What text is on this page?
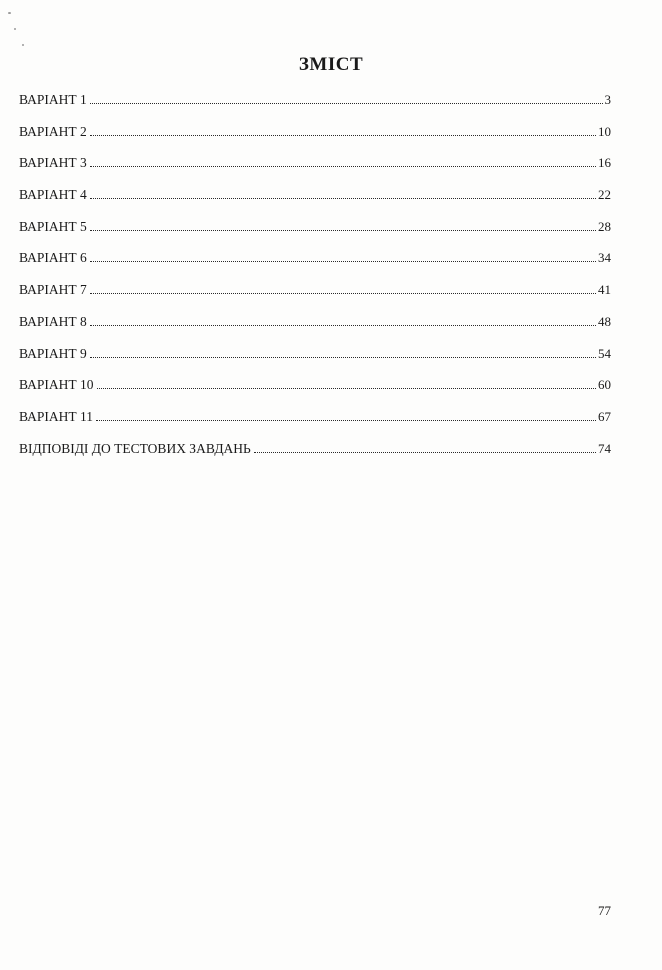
ЗМІСТ
ВАРІАНТ 1	3
ВАРІАНТ 2	10
ВАРІАНТ 3	16
ВАРІАНТ 4	22
ВАРІАНТ 5	28
ВАРІАНТ 6	34
ВАРІАНТ 7	41
ВАРІАНТ 8	48
ВАРІАНТ 9	54
ВАРІАНТ 10	60
ВАРІАНТ 11	67
ВІДПОВІДІ ДО ТЕСТОВИХ ЗАВДАНЬ	74
77
